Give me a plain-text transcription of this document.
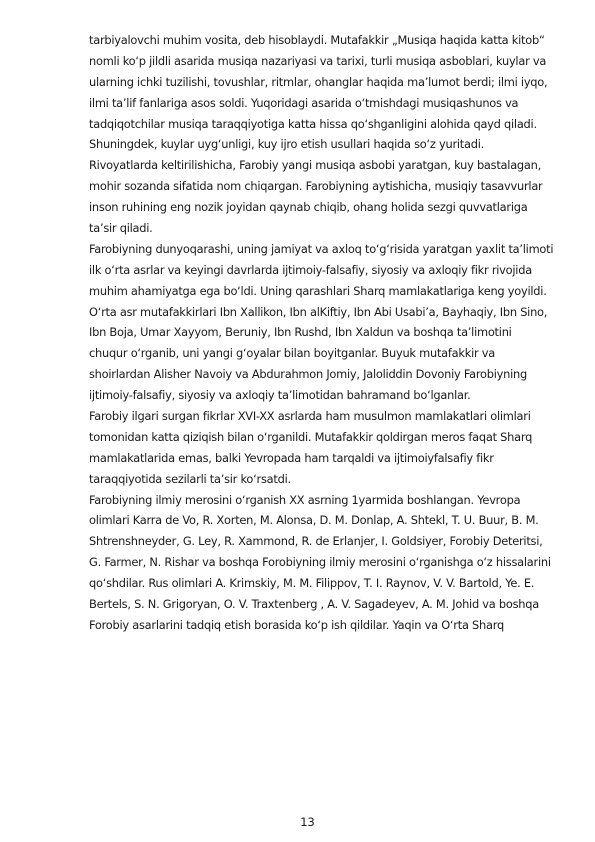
tarbiyalovchi muhim vosita, deb hisoblaydi. Mutafakkir „Musiqa haqida katta kitob“
nomli ko‘p jildli asarida musiqa nazariyasi va tarixi, turli musiqa asboblari, kuylar va
ularning ichki tuzilishi, tovushlar, ritmlar, ohanglar haqida ma’lumot berdi; ilmi iyqo,
ilmi ta’lif fanlariga asos soldi. Yuqoridagi asarida o‘tmishdagi musiqashunos va
tadqiqotchilar musiqa taraqqiyotiga katta hissa qo‘shganligini alohida qayd qiladi.
Shuningdek, kuylar uyg‘unligi, kuy ijro etish usullari haqida so‘z yuritadi.
Rivoyatlarda keltirilishicha, Farobiy yangi musiqa asbobi yaratgan, kuy bastalagan,
mohir sozanda sifatida nom chiqargan. Farobiyning aytishicha, musiqiy tasavvurlar
inson ruhining eng nozik joyidan qaynab chiqib, ohang holida sezgi quvvatlariga
ta’sir qiladi.
Farobiyning dunyoqarashi, uning jamiyat va axloq to‘g‘risida yaratgan yaxlit ta’limoti
ilk o‘rta asrlar va keyingi davrlarda ijtimoiy-falsafiy, siyosiy va axloqiy fikr rivojida
muhim ahamiyatga ega bo‘ldi. Uning qarashlari Sharq mamlakatlariga keng yoyildi.
O‘rta asr mutafakkirlari Ibn Xallikon, Ibn alKiftiy, Ibn Abi Usabi’a, Bayhaqiy, Ibn Sino,
Ibn Boja, Umar Xayyom, Beruniy, Ibn Rushd, Ibn Xaldun va boshqa ta’limotini
chuqur o‘rganib, uni yangi g‘oyalar bilan boyitganlar. Buyuk mutafakkir va
shoirlardan Alisher Navoiy va Abdurahmon Jomiy, Jaloliddin Dovoniy Farobiyning
ijtimoiy-falsafiy, siyosiy va axloqiy ta’limotidan bahramand bo‘lganlar.
Farobiy ilgari surgan fikrlar XVI-XX asrlarda ham musulmon mamlakatlari olimlari
tomonidan katta qiziqish bilan o‘rganildi. Mutafakkir qoldirgan meros faqat Sharq
mamlakatlarida emas, balki Yevropada ham tarqaldi va ijtimoiyfalsafiy fikr
taraqqiyotida sezilarli ta’sir ko‘rsatdi.
Farobiyning ilmiy merosini o‘rganish XX asrning 1yarmida boshlangan. Yevropa
olimlari Karra de Vo, R. Xorten, M. Alonsa, D. M. Donlap, A. Shtekl, T. U. Buur, B. M.
Shtrenshneyder, G. Ley, R. Xammond, R. de Erlanjer, I. Goldsiyer, Forobiy Deteritsi,
G. Farmer, N. Rishar va boshqa Forobiyning ilmiy merosini o‘rganishga o‘z hissalarini
qo‘shdilar. Rus olimlari A. Krimskiy, M. M. Filippov, T. I. Raynov, V. V. Bartold, Ye. E.
Bertels, S. N. Grigoryan, O. V. Traxtenberg , A. V. Sagadeyev, A. M. Johid va boshqa
Forobiy asarlarini tadqiq etish borasida ko‘p ish qildilar. Yaqin va O‘rta Sharq
13
